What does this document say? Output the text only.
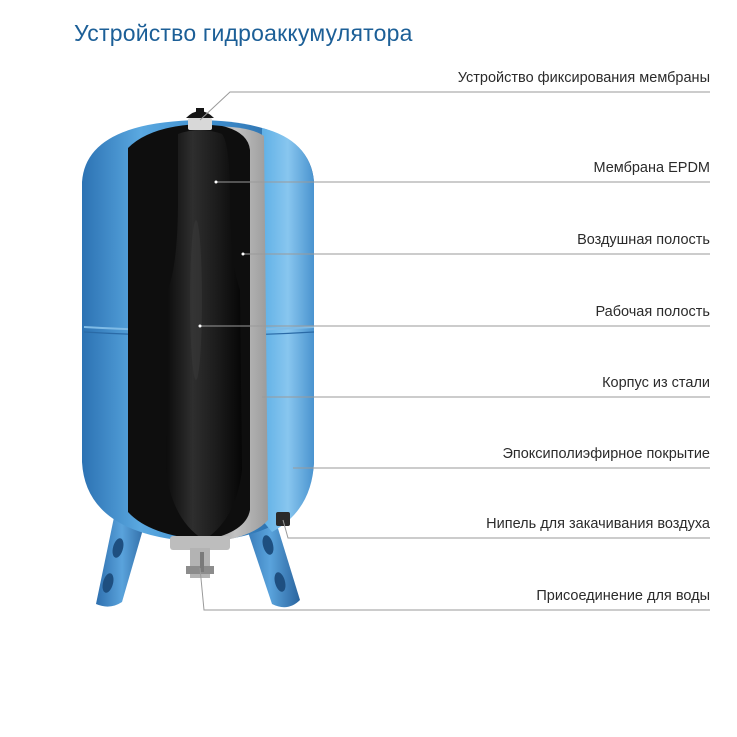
Устройство гидроаккумулятора
Устройство фиксирования мембраны
Мембрана EPDM
Воздушная полость
Рабочая полость
Корпус из стали
Эпоксиполиэфирное покрытие
Нипель для закачивания воздуха
Присоединение для воды
